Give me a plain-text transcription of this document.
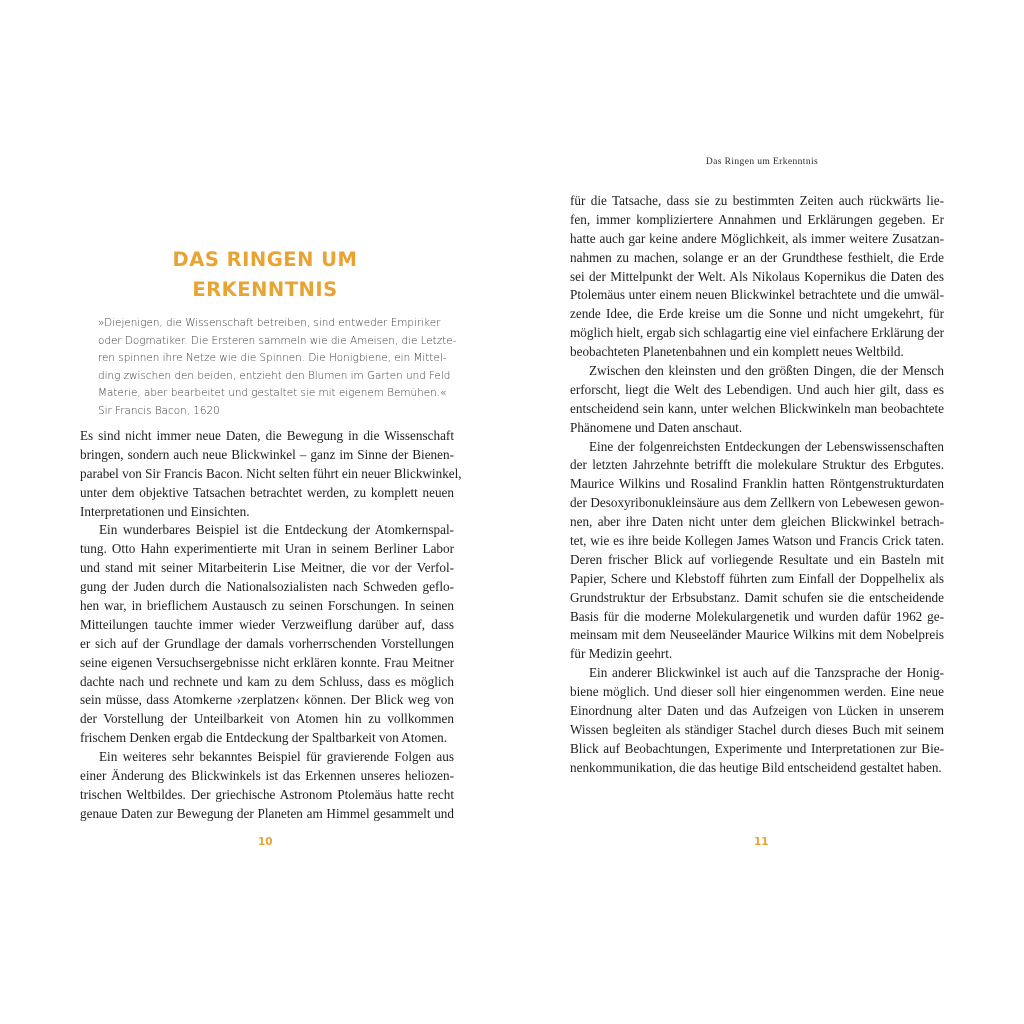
DAS RINGEN UM
ERKENNTNIS
»Diejenigen, die Wissenschaft betreiben, sind entweder Empiriker
oder Dogmatiker. Die Ersteren sammeln wie die Ameisen, die Letzte-
ren spinnen ihre Netze wie die Spinnen. Die Honigbiene, ein Mittel-
ding zwischen den beiden, entzieht den Blumen im Garten und Feld
Materie, aber bearbeitet und gestaltet sie mit eigenem Bemühen.«
Sir Francis Bacon, 1620
Es sind nicht immer neue Daten, die Bewegung in die Wissenschaft
bringen, sondern auch neue Blickwinkel – ganz im Sinne der Bienen-
parabel von Sir Francis Bacon. Nicht selten führt ein neuer Blickwinkel,
unter dem objektive Tatsachen betrachtet werden, zu komplett neuen
Interpretationen und Einsichten.
Ein wunderbares Beispiel ist die Entdeckung der Atomkernspal-
tung. Otto Hahn experimentierte mit Uran in seinem Berliner Labor
und stand mit seiner Mitarbeiterin Lise Meitner, die vor der Verfol-
gung der Juden durch die Nationalsozialisten nach Schweden geflo-
hen war, in brieflichem Austausch zu seinen Forschungen. In seinen
Mitteilungen tauchte immer wieder Verzweiflung darüber auf, dass
er sich auf der Grundlage der damals vorherrschenden Vorstellungen
seine eigenen Versuchsergebnisse nicht erklären konnte. Frau Meitner
dachte nach und rechnete und kam zu dem Schluss, dass es möglich
sein müsse, dass Atomkerne ›zerplatzen‹ können. Der Blick weg von
der Vorstellung der Unteilbarkeit von Atomen hin zu vollkommen
frischem Denken ergab die Entdeckung der Spaltbarkeit von Atomen.
Ein weiteres sehr bekanntes Beispiel für gravierende Folgen aus
einer Änderung des Blickwinkels ist das Erkennen unseres heliozen-
trischen Weltbildes. Der griechische Astronom Ptolemäus hatte recht
genaue Daten zur Bewegung der Planeten am Himmel gesammelt und
10
Das Ringen um Erkenntnis
für die Tatsache, dass sie zu bestimmten Zeiten auch rückwärts lie-
fen, immer kompliziertere Annahmen und Erklärungen gegeben. Er
hatte auch gar keine andere Möglichkeit, als immer weitere Zusatzan-
nahmen zu machen, solange er an der Grundthese festhielt, die Erde
sei der Mittelpunkt der Welt. Als Nikolaus Kopernikus die Daten des
Ptolemäus unter einem neuen Blickwinkel betrachtete und die umwäl-
zende Idee, die Erde kreise um die Sonne und nicht umgekehrt, für
möglich hielt, ergab sich schlagartig eine viel einfachere Erklärung der
beobachteten Planetenbahnen und ein komplett neues Weltbild.
Zwischen den kleinsten und den größten Dingen, die der Mensch
erforscht, liegt die Welt des Lebendigen. Und auch hier gilt, dass es
entscheidend sein kann, unter welchen Blickwinkeln man beobachtete
Phänomene und Daten anschaut.
Eine der folgenreichsten Entdeckungen der Lebenswissenschaften
der letzten Jahrzehnte betrifft die molekulare Struktur des Erbgutes.
Maurice Wilkins und Rosalind Franklin hatten Röntgenstrukturdaten
der Desoxyribonukleinsäure aus dem Zellkern von Lebewesen gewon-
nen, aber ihre Daten nicht unter dem gleichen Blickwinkel betrach-
tet, wie es ihre beide Kollegen James Watson und Francis Crick taten.
Deren frischer Blick auf vorliegende Resultate und ein Basteln mit
Papier, Schere und Klebstoff führten zum Einfall der Doppelhelix als
Grundstruktur der Erbsubstanz. Damit schufen sie die entscheidende
Basis für die moderne Molekulargenetik und wurden dafür 1962 ge-
meinsam mit dem Neuseeländer Maurice Wilkins mit dem Nobelpreis
für Medizin geehrt.
Ein anderer Blickwinkel ist auch auf die Tanzsprache der Honig-
biene möglich. Und dieser soll hier eingenommen werden. Eine neue
Einordnung alter Daten und das Aufzeigen von Lücken in unserem
Wissen begleiten als ständiger Stachel durch dieses Buch mit seinem
Blick auf Beobachtungen, Experimente und Interpretationen zur Bie-
nenkommunikation, die das heutige Bild entscheidend gestaltet haben.
11
